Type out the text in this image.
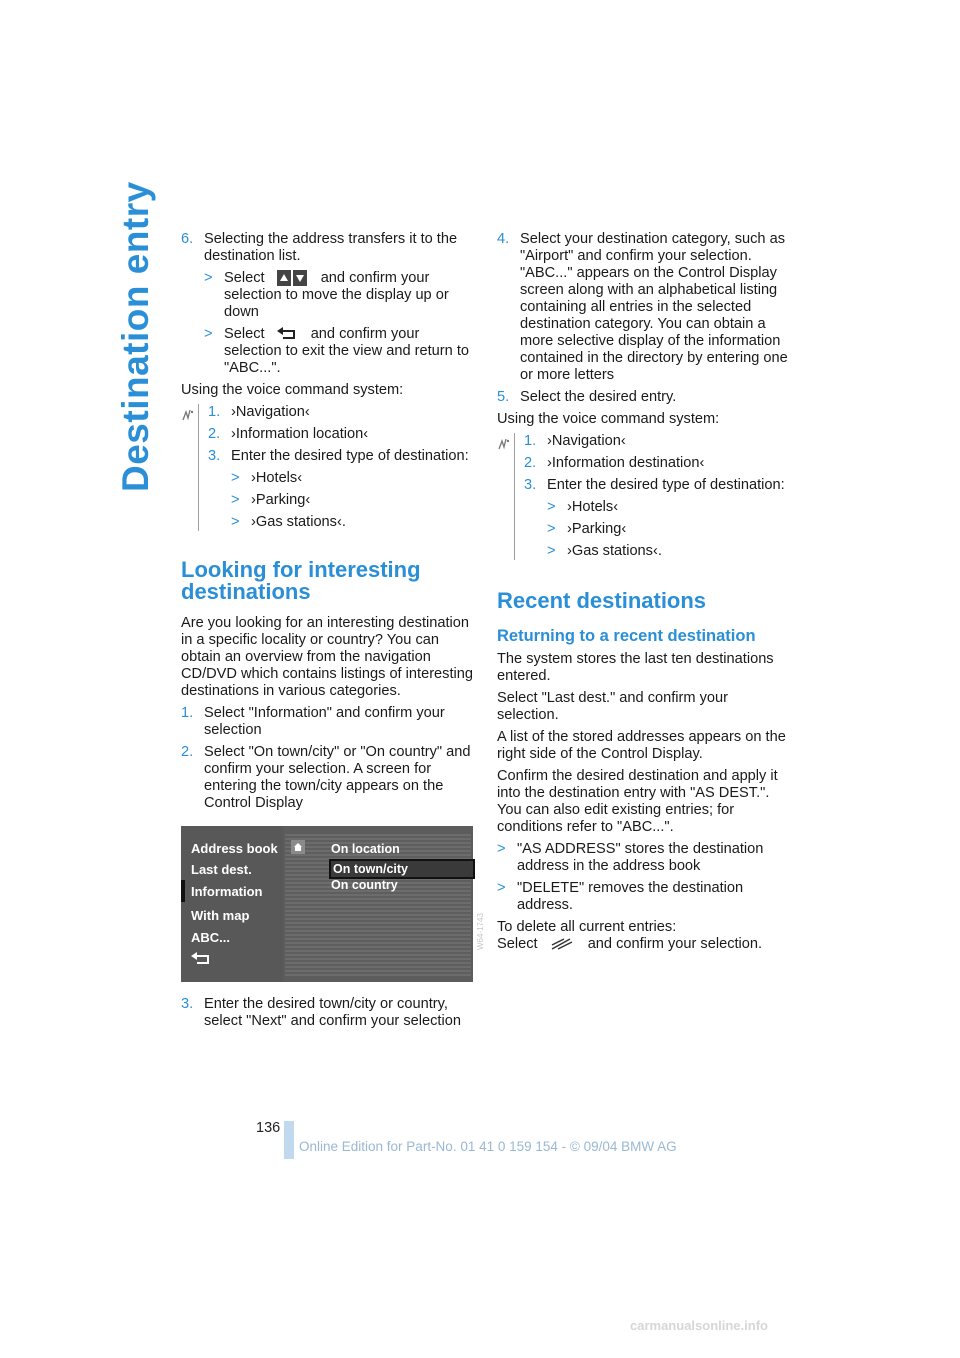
Destination entry 6. Selecting the address transfers it to the destination list.
> Select	and confirm your selection to move the display up or down
> Select	and confirm your selection to exit the view and return to "ABC...".

Using the voice command system:

1. ›Navigation‹
2. ›Information location‹
3. Enter the desired type of destination:
> ›Hotels‹
> ›Parking‹
> ›Gas stations‹.
Looking for interesting destinations

Are you looking for an interesting destination in a specific locality or country? You can obtain an overview from the navigation CD/DVD which contains listings of interesting destinations in various categories.

1. Select "Information" and confirm your selection
2. Select "On town/city" or "On country" and confirm your selection. A screen for entering the town/city appears on the Control Display
Address book
Last dest.
Information
With map
ABC...
On location
On town/city
On country
3. Enter the desired town/city or country, select "Next" and confirm your selection
W64-1743
4. Select your destination category, such as "Airport" and confirm your selection. "ABC..." appears on the Control Display screen along with an alphabetical listing containing all entries in the selected destination category. You can obtain a more selective display of the information contained in the directory by entering one or more letters
5. Select the desired entry.

Using the voice command system:

1. ›Navigation‹
2. ›Information destination‹
3. Enter the desired type of destination:
> ›Hotels‹
> ›Parking‹
> ›Gas stations‹.
Recent destinations
Returning to a recent destination

The system stores the last ten destinations entered.

Select "Last dest." and confirm your selection.

A list of the stored addresses appears on the right side of the Control Display.

Confirm the desired destination and apply it into the destination entry with "AS DEST.". You can also edit existing entries; for conditions refer to "ABC...".

> "AS ADDRESS" stores the destination address in the address book
> "DELETE" removes the destination address.

To delete all current entries:

Select	and confirm your selection.

136
Online Edition for Part-No. 01 41 0 159 154 - © 09/04 BMW AG
carmanualsonline.info
